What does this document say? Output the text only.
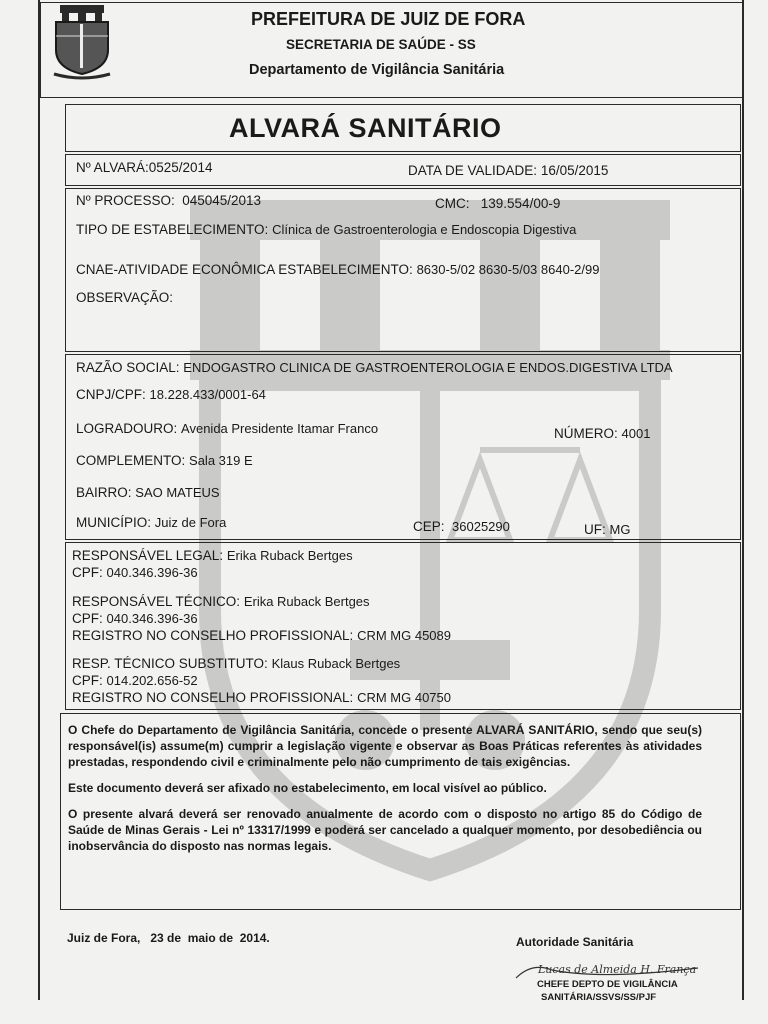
PREFEITURA DE JUIZ DE FORA
SECRETARIA DE SAÚDE - SS
Departamento de Vigilância Sanitária
ALVARÁ SANITÁRIO
Nº ALVARÁ:0525/2014	DATA DE VALIDADE: 16/05/2015
Nº PROCESSO: 045045/2013	CMC: 139.554/00-9
TIPO DE ESTABELECIMENTO: Clínica de Gastroenterologia e Endoscopia Digestiva
CNAE-ATIVIDADE ECONÔMICA ESTABELECIMENTO: 8630-5/02 8630-5/03 8640-2/99
OBSERVAÇÃO:
RAZÃO SOCIAL: ENDOGASTRO CLINICA DE GASTROENTEROLOGIA E ENDOS.DIGESTIVA LTDA
CNPJ/CPF: 18.228.433/0001-64
LOGRADOURO: Avenida Presidente Itamar Franco	NÚMERO: 4001
COMPLEMENTO: Sala 319 E
BAIRRO: SAO MATEUS
MUNICÍPIO: Juiz de Fora	CEP: 36025290	UF: MG
RESPONSÁVEL LEGAL: Erika Ruback Bertges
CPF: 040.346.396-36
RESPONSÁVEL TÉCNICO: Erika Ruback Bertges
CPF: 040.346.396-36
REGISTRO NO CONSELHO PROFISSIONAL: CRM MG 45089
RESP. TÉCNICO SUBSTITUTO: Klaus Ruback Bertges
CPF: 014.202.656-52
REGISTRO NO CONSELHO PROFISSIONAL: CRM MG 40750

O Chefe do Departamento de Vigilância Sanitária, concede o presente ALVARÁ SANITÁRIO, sendo que seu(s) responsável(is) assume(m) cumprir a legislação vigente e observar as Boas Práticas referentes às atividades prestadas, respondendo civil e criminalmente pelo não cumprimento de tais exigências.

Este documento deverá ser afixado no estabelecimento, em local visível ao público.

O presente alvará deverá ser renovado anualmente de acordo com o disposto no artigo 85 do Código de Saúde de Minas Gerais - Lei nº 13317/1999 e poderá ser cancelado a qualquer momento, por desobediência ou inobservância do disposto nas normas legais.

Juiz de Fora,   23 de  maio de  2014.	Autoridade Sanitária
Lucas de Almeida H. França
CHEFE DEPTO DE VIGILÂNCIA
SANITÁRIA/SSVS/SS/PJF
